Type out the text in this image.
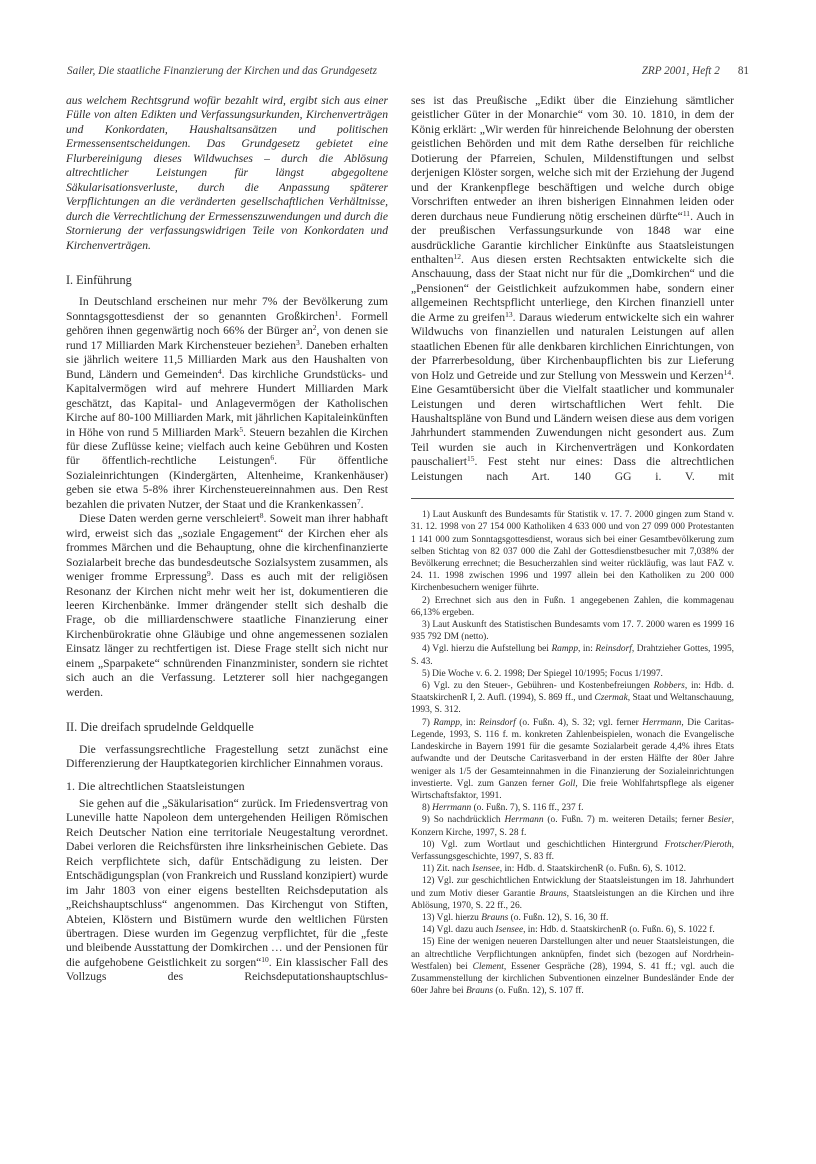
Sailer, Die staatliche Finanzierung der Kirchen und das Grundgesetz	ZRP 2001, Heft 2 81
aus welchem Rechtsgrund wofür bezahlt wird, ergibt sich aus einer Fülle von alten Edikten und Verfassungsurkunden, Kirchenverträgen und Konkordaten, Haushaltsansätzen und politischen Ermessensentscheidungen. Das Grundgesetz gebietet eine Flurbereinigung dieses Wildwuchses – durch die Ablösung altrechtlicher Leistungen für längst abgegoltene Säkularisationsverluste, durch die Anpassung späterer Verpflichtungen an die veränderten gesellschaftlichen Verhältnisse, durch die Verrechtlichung der Ermessenszuwendungen und durch die Stornierung der verfassungswidrigen Teile von Konkordaten und Kirchenverträgen.
I. Einführung

In Deutschland erscheinen nur mehr 7% der Bevölkerung zum Sonntagsgottesdienst der so genannten Großkirchen$^1$. Formell gehören ihnen gegenwärtig noch 66% der Bürger $an^2$, von denen sie rund 17 Milliarden Mark Kirchensteuer beziehen$^3$. Daneben erhalten sie jährlich weitere 11,5 Milliarden Mark aus den Haushalten von Bund, Ländern und Gemeinden$^4$. Das kirchliche Grundstücks- und Kapitalvermögen wird auf mehrere Hundert Milliarden Mark geschätzt, das Kapital- und Anlagevermögen der Katholischen Kirche auf 80-100 Milliarden Mark, mit jährlichen Kapitaleinkünften in Höhe von rund 5 Milliarden Mark$^5$. Steuern bezahlen die Kirchen für diese Zuflüsse keine; vielfach auch keine Gebühren und Kosten für öffentlich-rechtliche Leistungen$^6$. Für öffentliche Sozialeinrichtungen (Kindergärten, Altenheime, Krankenhäuser) geben sie etwa 5-8% ihrer Kirchensteuereinnahmen aus. Den Rest bezahlen die privaten Nutzer, der Staat und die Krankenkassen$^7$.

Diese Daten werden gerne verschleiert$^8$. Soweit man ihrer habhaft wird, erweist sich das „soziale Engagement“ der Kirchen eher als frommes Märchen und die Behauptung, ohne die kirchenfinanzierte Sozialarbeit breche das bundesdeutsche Sozialsystem zusammen, als weniger fromme Erpressung$^9$. Dass es auch mit der religiösen Resonanz der Kirchen nicht mehr weit her ist, dokumentieren die leeren Kirchenbänke. Immer drängender stellt sich deshalb die Frage, ob die milliardenschwere staatliche Finanzierung einer Kirchenbürokratie ohne Gläubige und ohne angemessenen sozialen Einsatz länger zu rechtfertigen ist. Diese Frage stellt sich nicht nur einem „Sparpakete“ schnürenden Finanzminister, sondern sie richtet sich auch an die Verfassung. Letzterer soll hier nachgegangen werden.

II. Die dreifach sprudelnde Geldquelle

Die verfassungsrechtliche Fragestellung setzt zunächst eine Differenzierung der Hauptkategorien kirchlicher Einnahmen voraus.

1. Die altrechtlichen Staatsleistungen

Sie gehen auf die „Säkularisation“ zurück. Im Friedensvertrag von Luneville hatte Napoleon dem untergehenden Heiligen Römischen Reich Deutscher Nation eine territoriale Neugestaltung verordnet. Dabei verloren die Reichsfürsten ihre linksrheinischen Gebiete. Das Reich verpflichtete sich, dafür Entschädigung zu leisten. Der Entschädigungsplan (von Frankreich und Russland konzipiert) wurde im Jahr 1803 von einer eigens bestellten Reichsdeputation als „Reichshauptschluss“ angenommen. Das Kirchengut von Stiften, Abteien, Klöstern und Bistümern wurde den weltlichen Fürsten übertragen. Diese wurden im Gegenzug verpflichtet, für die „feste und bleibende Ausstattung der Domkirchen … und der Pensionen für die aufgehobene Geistlichkeit zu sorgen“$^{10}$. Ein klassischer Fall des Vollzugs des Reichsdeputationshauptschlus-

ses ist das Preußische „Edikt über die Einziehung sämtlicher geistlicher Güter in der Monarchie“ vom 30. 10. 1810, in dem der König erklärt: „Wir werden für hinreichende Belohnung der obersten geistlichen Behörden und mit dem Rathe derselben für reichliche Dotierung der Pfarreien, Schulen, Mildenstiftungen und selbst derjenigen Klöster sorgen, welche sich mit der Erziehung der Jugend und der Krankenpflege beschäftigen und welche durch obige Vorschriften entweder an ihren bisherigen Einnahmen leiden oder deren durchaus neue Fundierung nötig erscheinen dürfte“$^{11}$. Auch in der preußischen Verfassungsurkunde von 1848 war eine ausdrückliche Garantie kirchlicher Einkünfte aus Staatsleistungen enthalten$^{12}$. Aus diesen ersten Rechtsakten entwickelte sich die Anschauung, dass der Staat nicht nur für die „Domkirchen“ und die „Pensionen“ der Geistlichkeit aufzukommen habe, sondern einer allgemeinen Rechtspflicht unterliege, den Kirchen finanziell unter die Arme zu greifen$^{13}$. Daraus wiederum entwickelte sich ein wahrer Wildwuchs von finanziellen und naturalen Leistungen auf allen staatlichen Ebenen für alle denkbaren kirchlichen Einrichtungen, von der Pfarrerbesoldung, über Kirchenbaupflichten bis zur Lieferung von Holz und Getreide und zur Stellung von Messwein und Kerzen$^{14}$. Eine Gesamtübersicht über die Vielfalt staatlicher und kommunaler Leistungen und deren wirtschaftlichen Wert fehlt. Die Haushaltspläne von Bund und Ländern weisen diese aus dem vorigen Jahrhundert stammenden Zuwendungen nicht gesondert aus. Zum Teil wurden sie auch in Kirchenverträgen und Konkordaten pauschaliert$^{15}$. Fest steht nur eines: Dass die altrechtlichen Leistungen nach Art. 140 GG i. V. mit

1) Laut Auskunft des Bundesamts für Statistik v. 17. 7. 2000 gingen zum Stand v. 31. 12. 1998 von 27 154 000 Katholiken 4 633 000 und von 27 099 000 Protestanten 1 141 000 zum Sonntagsgottesdienst, woraus sich bei einer Gesamtbevölkerung zum selben Stichtag von 82 037 000 die Zahl der Gottesdienstbesucher mit 7,038% der Bevölkerung errechnet; die Besucherzahlen sind weiter rückläufig, was laut FAZ v. 24. 11. 1998 zwischen 1996 und 1997 allein bei den Katholiken zu 200 000 Kirchenbesuchern weniger führte.
2) Errechnet sich aus den in Fußn. 1 angegebenen Zahlen, die kommagenau 66,13% ergeben.
3) Laut Auskunft des Statistischen Bundesamts vom 17. 7. 2000 waren es 1999 16 935 792 DM (netto).
4) Vgl. hierzu die Aufstellung bei Rampp, in: Reinsdorf, Drahtzieher Gottes, 1995, S. 43.
5) Die Woche v. 6. 2. 1998; Der Spiegel 10/1995; Focus 1/1997.
6) Vgl. zu den Steuer-, Gebühren- und Kostenbefreiungen Robbers, in: Hdb. d. StaatskirchenR I, 2. Aufl. (1994), S. 869 ff., und Czermak, Staat und Weltanschauung, 1993, S. 312.
7) Rampp, in: Reinsdorf (o. Fußn. 4), S. 32; vgl. ferner Herrmann, Die Caritas-Legende, 1993, S. 116 f. m. konkreten Zahlenbeispielen, wonach die Evangelische Landeskirche in Bayern 1991 für die gesamte Sozialarbeit gerade 4,4% ihres Etats aufwandte und der Deutsche Caritasverband in der ersten Hälfte der 80er Jahre weniger als 1/5 der Gesamteinnahmen in die Finanzierung der Sozialeinrichtungen investierte. Vgl. zum Ganzen ferner Goll, Die freie Wohlfahrtspflege als eigener Wirtschaftsfaktor, 1991.
8) Herrmann (o. Fußn. 7), S. 116 ff., 237 f.
9) So nachdrücklich Herrmann (o. Fußn. 7) m. weiteren Details; ferner Besier, Konzern Kirche, 1997, S. 28 f.
10) Vgl. zum Wortlaut und geschichtlichen Hintergrund Frotscher/Pieroth, Verfassungsgeschichte, 1997, S. 83 ff.
11) Zit. nach Isensee, in: Hdb. d. StaatskirchenR (o. Fußn. 6), S. 1012.
12) Vgl. zur geschichtlichen Entwicklung der Staatsleistungen im 18. Jahrhundert und zum Motiv dieser Garantie Brauns, Staatsleistungen an die Kirchen und ihre Ablösung, 1970, S. 22 ff., 26.
13) Vgl. hierzu Brauns (o. Fußn. 12), S. 16, 30 ff.
14) Vgl. dazu auch Isensee, in: Hdb. d. StaatskirchenR (o. Fußn. 6), S. 1022 f.
15) Eine der wenigen neueren Darstellungen alter und neuer Staatsleistungen, die an altrechtliche Verpflichtungen anknüpfen, findet sich (bezogen auf Nordrhein-Westfalen) bei Clement, Essener Gespräche (28), 1994, S. 41 ff.; vgl. auch die Zusammenstellung der kirchlichen Subventionen einzelner Bundesländer Ende der 60er Jahre bei Brauns (o. Fußn. 12), S. 107 ff.
